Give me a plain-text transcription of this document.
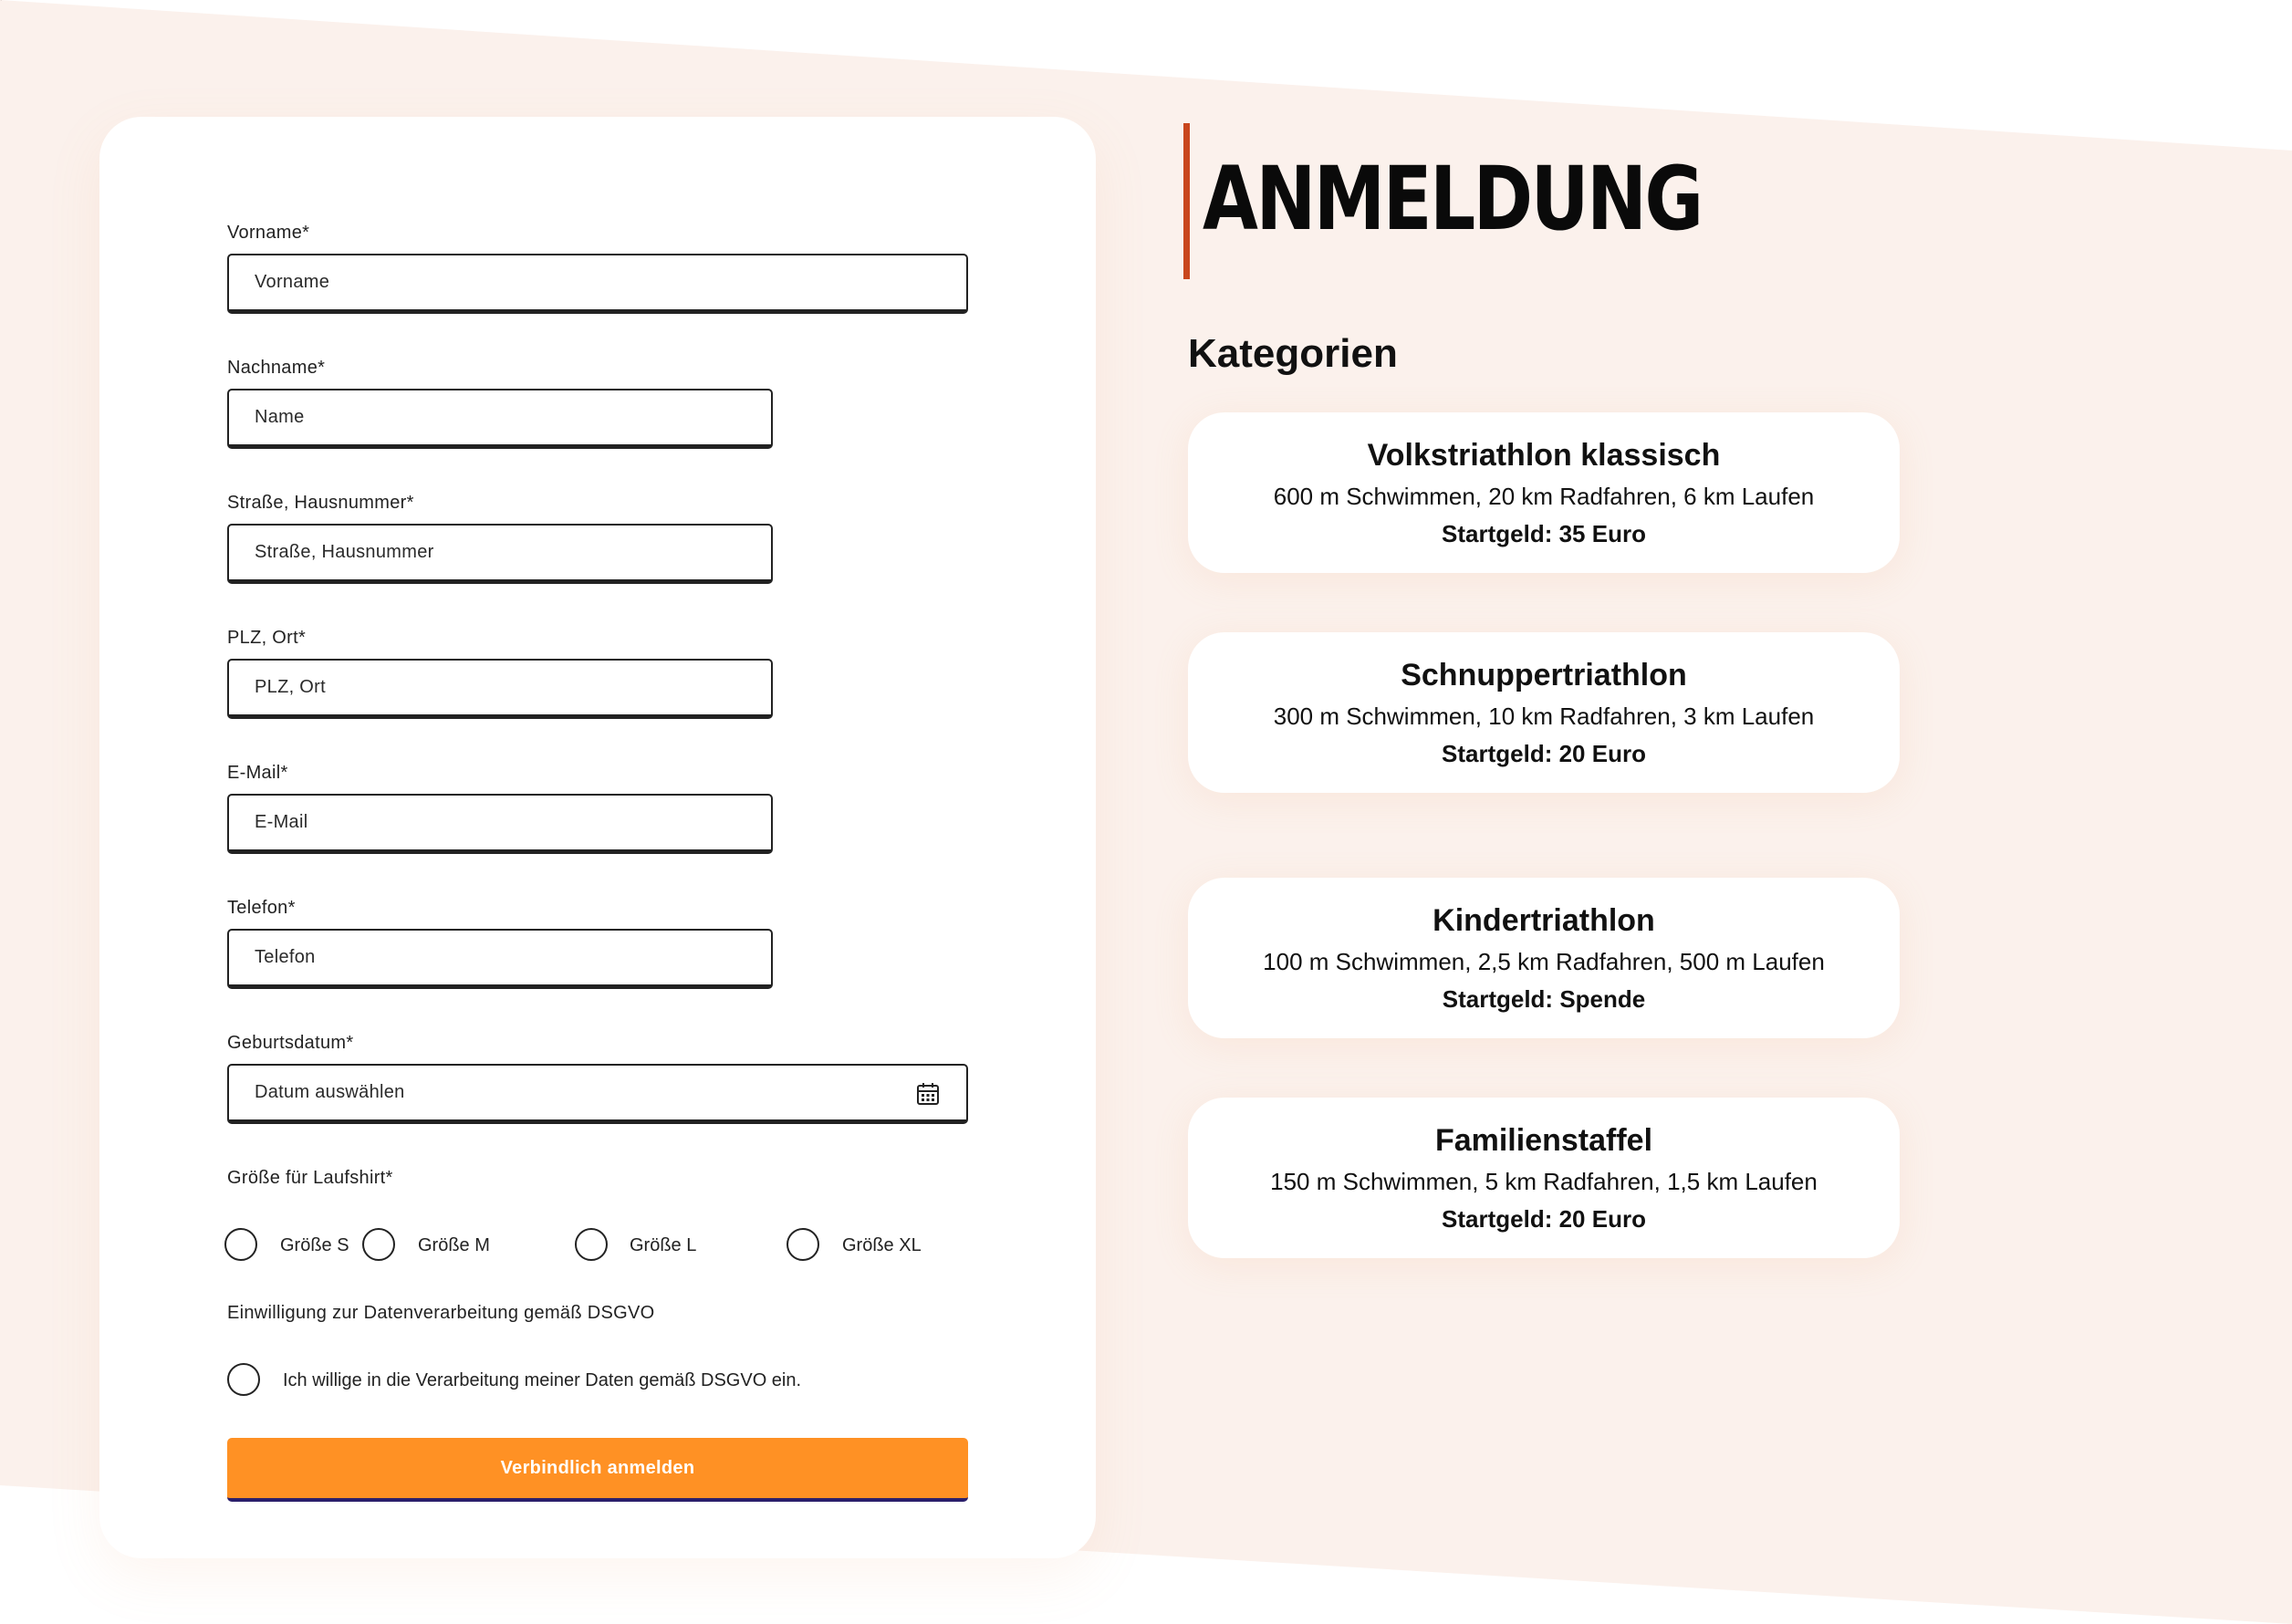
Vorname*
Vorname
Nachname*
Name
Straße, Hausnummer*
Straße, Hausnummer
PLZ, Ort*
PLZ, Ort
E-Mail*
E-Mail
Telefon*
Telefon
Geburtsdatum*
Datum auswählen
Größe für Laufshirt*
Größe S	Größe M	Größe L	Größe XL
Einwilligung zur Datenverarbeitung gemäß DSGVO
Ich willige in die Verarbeitung meiner Daten gemäß DSGVO ein.
Verbindlich anmelden
ANMELDUNG
Kategorien
Volkstriathlon klassisch
600 m Schwimmen, 20 km Radfahren, 6 km Laufen
Startgeld: 35 Euro
Schnuppertriathlon
300 m Schwimmen, 10 km Radfahren, 3 km Laufen
Startgeld: 20 Euro
Kindertriathlon
100 m Schwimmen, 2,5 km Radfahren, 500 m Laufen
Startgeld: Spende
Familienstaffel
150 m Schwimmen, 5 km Radfahren, 1,5 km Laufen
Startgeld: 20 Euro
